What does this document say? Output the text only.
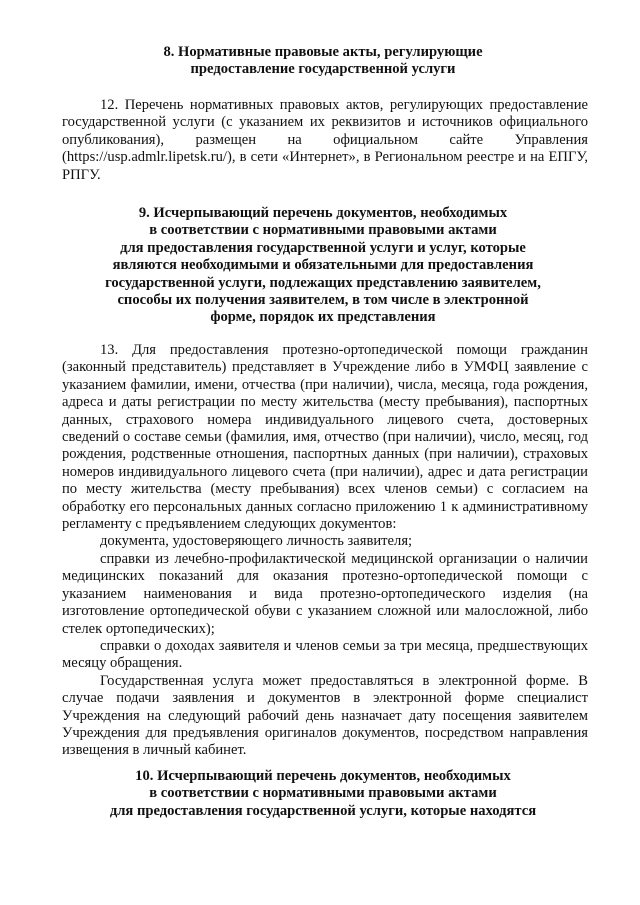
8. Нормативные правовые акты, регулирующие
предоставление государственной услуги
12. Перечень нормативных правовых актов, регулирующих предоставление государственной услуги (с указанием их реквизитов и источников официального опубликования), размещен на официальном сайте Управления (https://usp.admlr.lipetsk.ru/), в сети «Интернет», в Региональном реестре и на ЕПГУ, РПГУ.
9. Исчерпывающий перечень документов, необходимых
в соответствии с нормативными правовыми актами
для предоставления государственной услуги и услуг, которые
являются необходимыми и обязательными для предоставления
государственной услуги, подлежащих представлению заявителем,
способы их получения заявителем, в том числе в электронной
форме, порядок их представления

13. Для предоставления протезно-ортопедической помощи гражданин (законный представитель) представляет в Учреждение либо в УМФЦ заявление с указанием фамилии, имени, отчества (при наличии), числа, месяца, года рождения, адреса и даты регистрации по месту жительства (месту пребывания), паспортных данных, страхового номера индивидуального лицевого счета, достоверных сведений о составе семьи (фамилия, имя, отчество (при наличии), число, месяц, год рождения, родственные отношения, паспортных данных (при наличии), страховых номеров индивидуального лицевого счета (при наличии), адрес и дата регистрации по месту жительства (месту пребывания) всех членов семьи) с согласием на обработку его персональных данных согласно приложению 1 к административному регламенту с предъявлением следующих документов:

документа, удостоверяющего личность заявителя;

справки из лечебно-профилактической медицинской организации о наличии медицинских показаний для оказания протезно-ортопедической помощи с указанием наименования и вида протезно-ортопедического изделия (на изготовление ортопедической обуви с указанием сложной или малосложной, либо стелек ортопедических);

справки о доходах заявителя и членов семьи за три месяца, предшествующих месяцу обращения.

Государственная услуга может предоставляться в электронной форме. В случае подачи заявления и документов в электронной форме специалист Учреждения на следующий рабочий день назначает дату посещения заявителем Учреждения для предъявления оригиналов документов, посредством направления извещения в личный кабинет.

10. Исчерпывающий перечень документов, необходимых
в соответствии с нормативными правовыми актами
для предоставления государственной услуги, которые находятся
